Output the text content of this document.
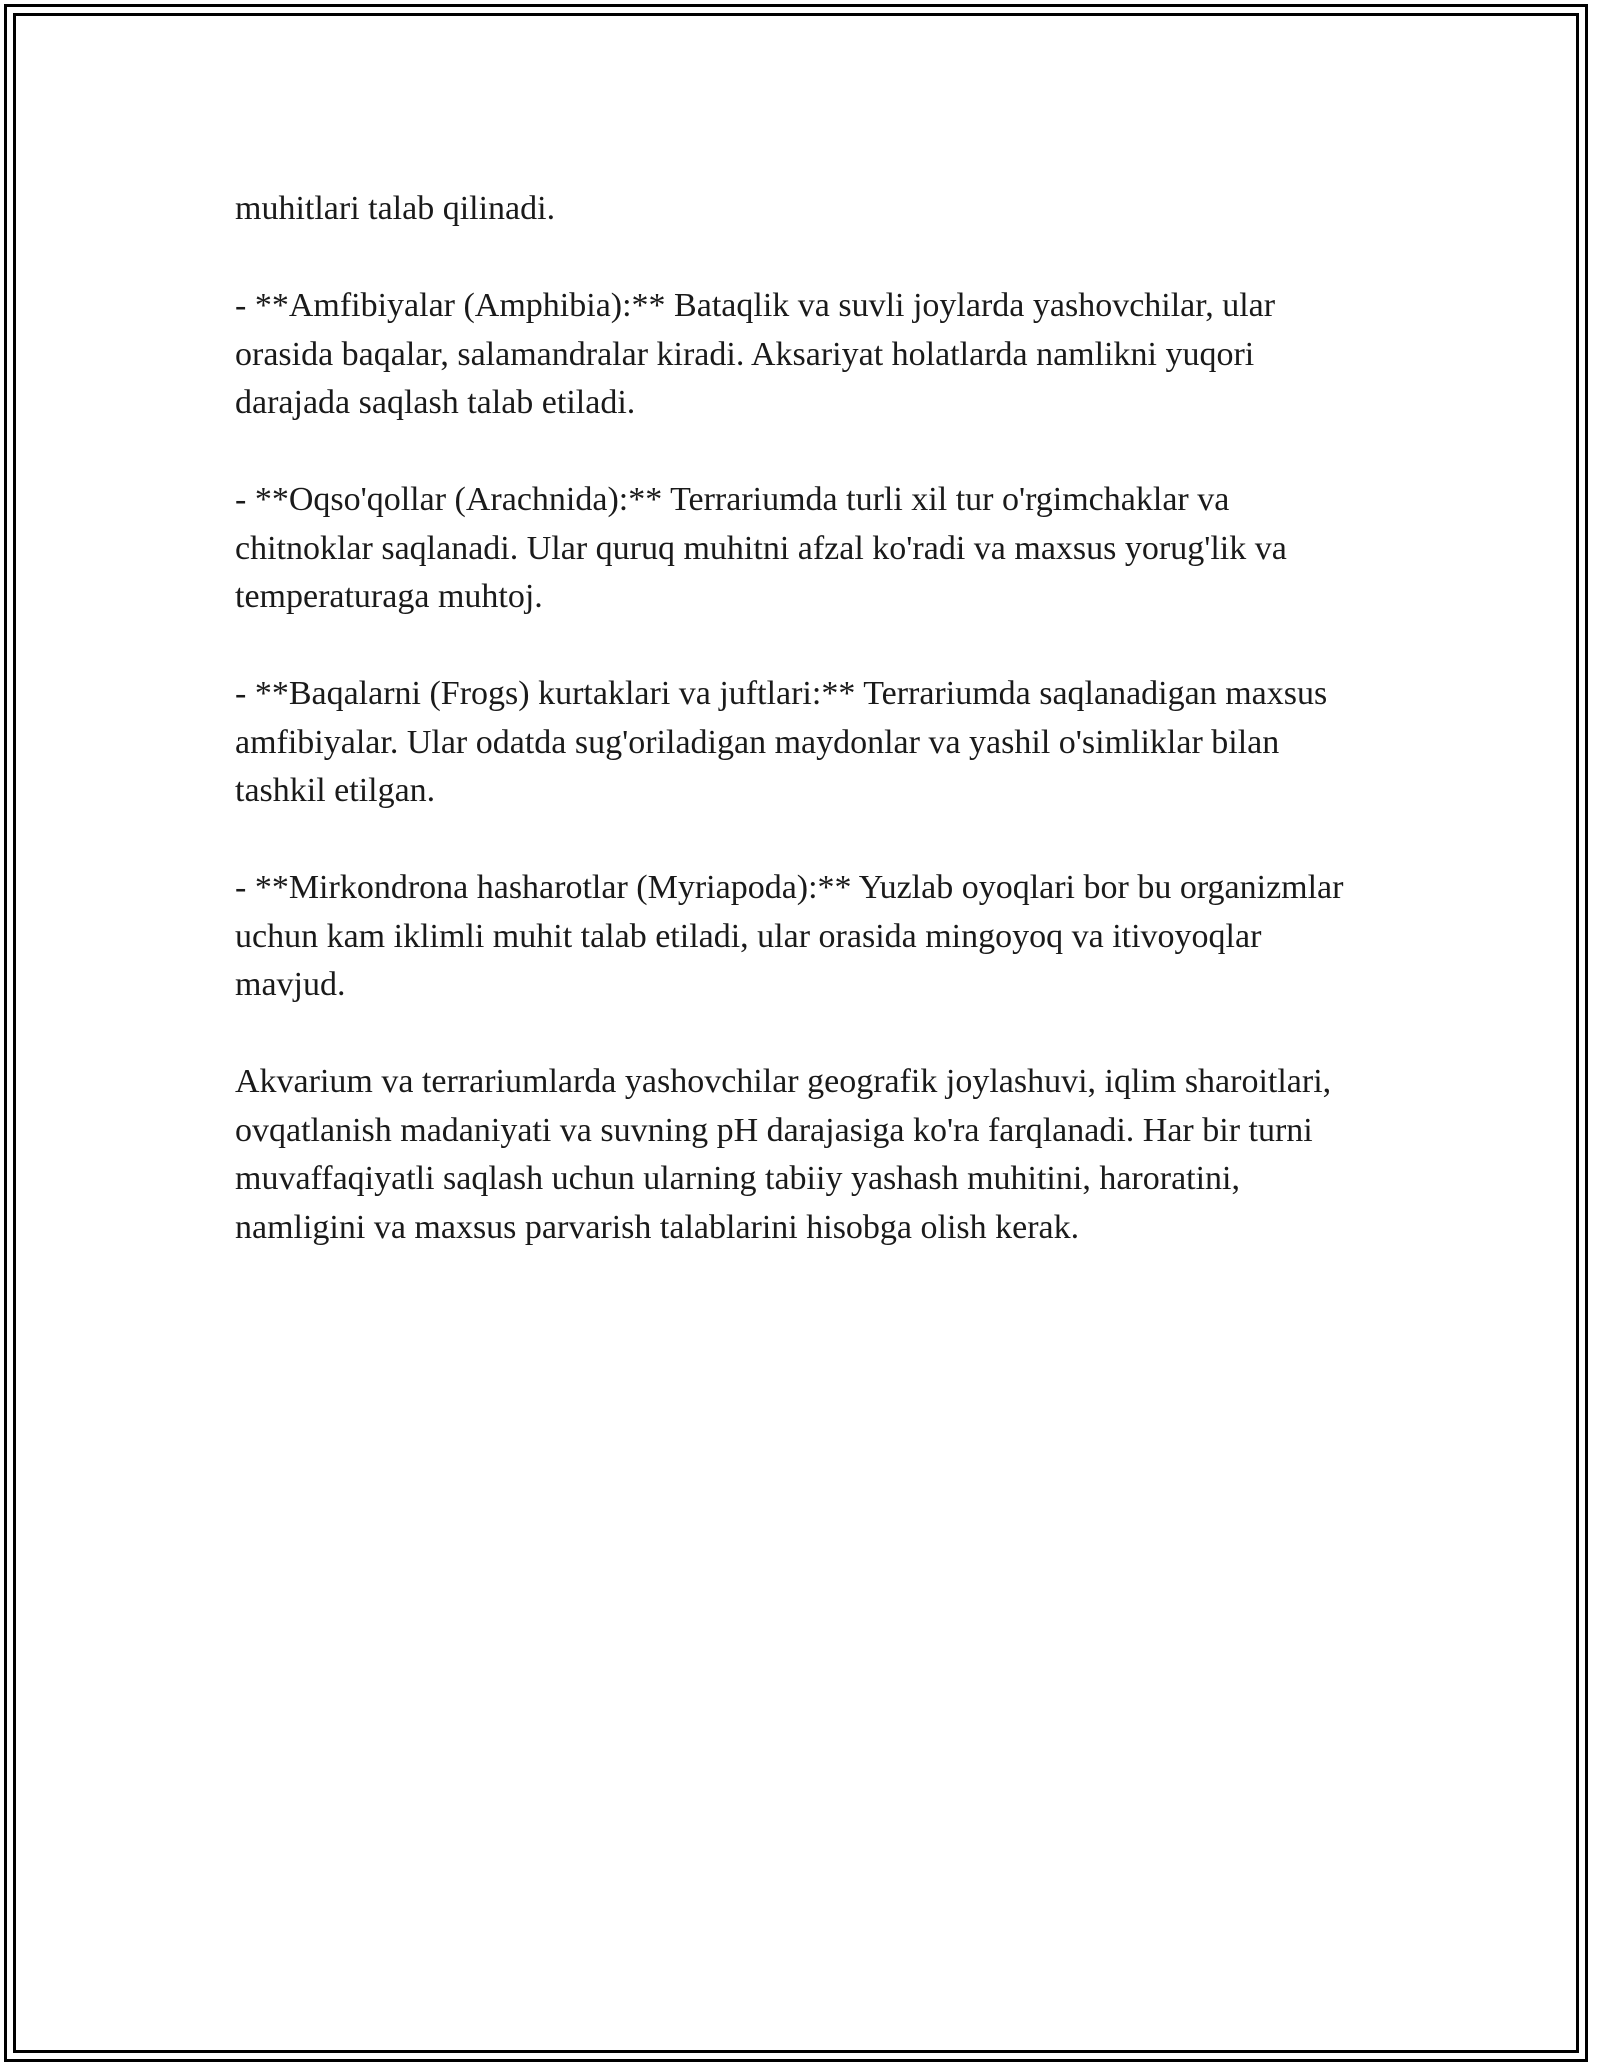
muhitlari talab qilinadi.

- **Amfibiyalar (Amphibia):** Bataqlik va suvli joylarda yashovchilar, ular orasida baqalar, salamandralar kiradi. Aksariyat holatlarda namlikni yuqori darajada saqlash talab etiladi.

- **Oqso'qollar (Arachnida):** Terrariumda turli xil tur o'rgimchaklar va chitnoklar saqlanadi. Ular quruq muhitni afzal ko'radi va maxsus yorug'lik va temperaturaga muhtoj.

- **Baqalarni (Frogs) kurtaklari va juftlari:** Terrariumda saqlanadigan maxsus amfibiyalar. Ular odatda sug'oriladigan maydonlar va yashil o'simliklar bilan tashkil etilgan.

- **Mirkondrona hasharotlar (Myriapoda):** Yuzlab oyoqlari bor bu organizmlar uchun kam iklimli muhit talab etiladi, ular orasida mingoyoq va itivoyoqlar mavjud.

Akvarium va terrariumlarda yashovchilar geografik joylashuvi, iqlim sharoitlari, ovqatlanish madaniyati va suvning pH darajasiga ko'ra farqlanadi. Har bir turni muvaffaqiyatli saqlash uchun ularning tabiiy yashash muhitini, haroratini, namligini va maxsus parvarish talablarini hisobga olish kerak.
